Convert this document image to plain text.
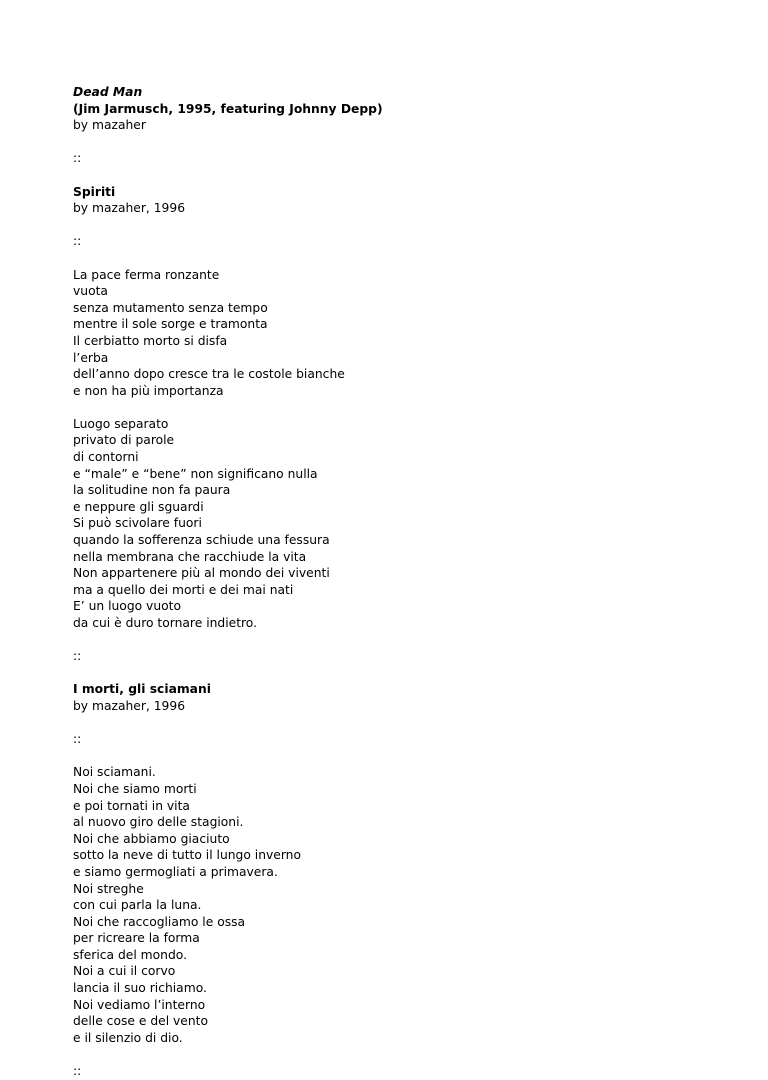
Dead Man
(Jim Jarmusch, 1995, featuring Johnny Depp)
by mazaher
::
Spiriti
by mazaher, 1996
::
La pace ferma ronzante
vuota
senza mutamento senza tempo
mentre il sole sorge e tramonta
Il cerbiatto morto si disfa
l’erba
dell’anno dopo cresce tra le costole bianche
e non ha più importanza
Luogo separato
privato di parole
di contorni
e “male” e “bene” non significano nulla
la solitudine non fa paura
e neppure gli sguardi
Si può scivolare fuori
quando la sofferenza schiude una fessura
nella membrana che racchiude la vita
Non appartenere più al mondo dei viventi
ma a quello dei morti e dei mai nati
E’ un luogo vuoto
da cui è duro tornare indietro.
::
I morti, gli sciamani
by mazaher, 1996
::
Noi sciamani.
Noi che siamo morti
e poi tornati in vita
al nuovo giro delle stagioni.
Noi che abbiamo giaciuto
sotto la neve di tutto il lungo inverno
e siamo germogliati a primavera.
Noi streghe
con cui parla la luna.
Noi che raccogliamo le ossa
per ricreare la forma
sferica del mondo.
Noi a cui il corvo
lancia il suo richiamo.
Noi vediamo l’interno
delle cose e del vento
e il silenzio di dio.
::
